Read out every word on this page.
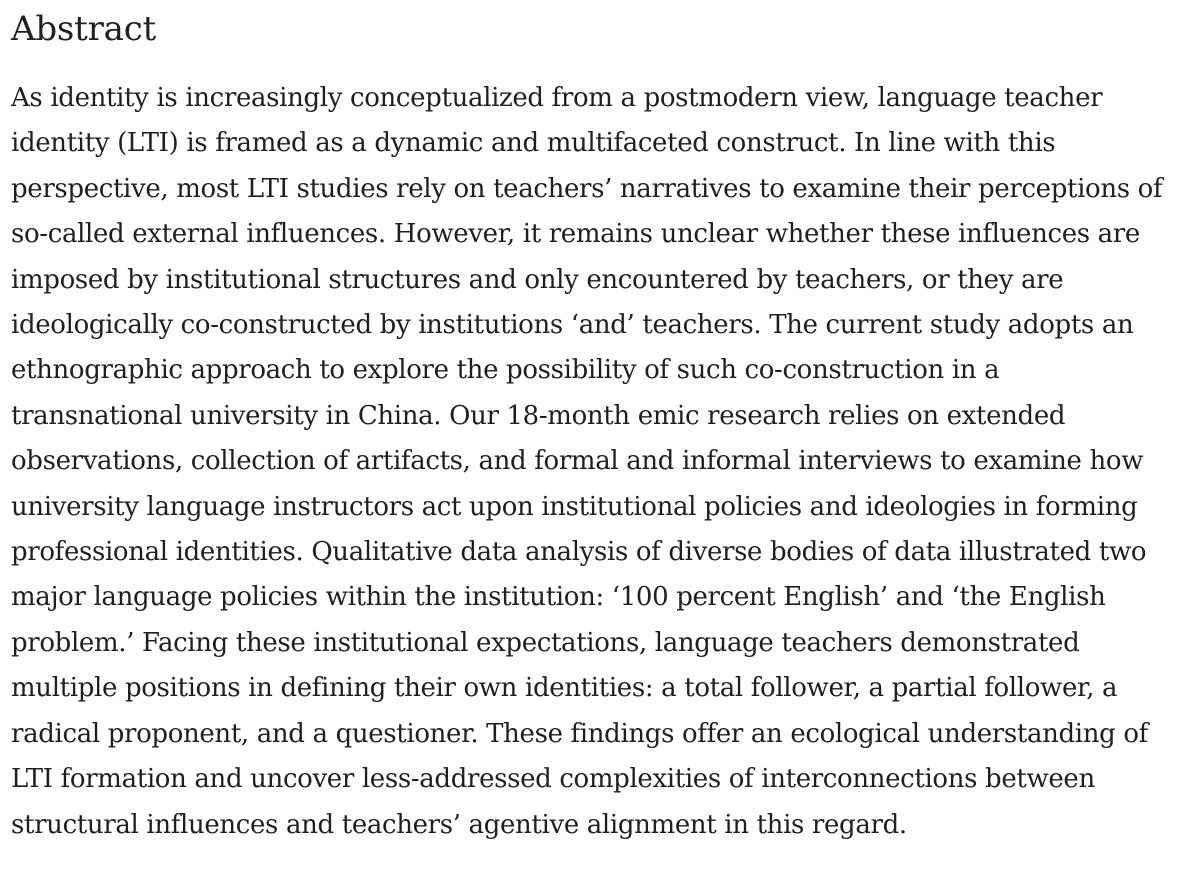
Abstract
As identity is increasingly conceptualized from a postmodern view, language teacher
identity (LTI) is framed as a dynamic and multifaceted construct. In line with this
perspective, most LTI studies rely on teachers’ narratives to examine their perceptions of
so-called external influences. However, it remains unclear whether these influences are
imposed by institutional structures and only encountered by teachers, or they are
ideologically co-constructed by institutions ‘and’ teachers. The current study adopts an
ethnographic approach to explore the possibility of such co-construction in a
transnational university in China. Our 18-month emic research relies on extended
observations, collection of artifacts, and formal and informal interviews to examine how
university language instructors act upon institutional policies and ideologies in forming
professional identities. Qualitative data analysis of diverse bodies of data illustrated two
major language policies within the institution: ‘100 percent English’ and ‘the English
problem.’ Facing these institutional expectations, language teachers demonstrated
multiple positions in defining their own identities: a total follower, a partial follower, a
radical proponent, and a questioner. These findings offer an ecological understanding of
LTI formation and uncover less-addressed complexities of interconnections between
structural influences and teachers’ agentive alignment in this regard.
